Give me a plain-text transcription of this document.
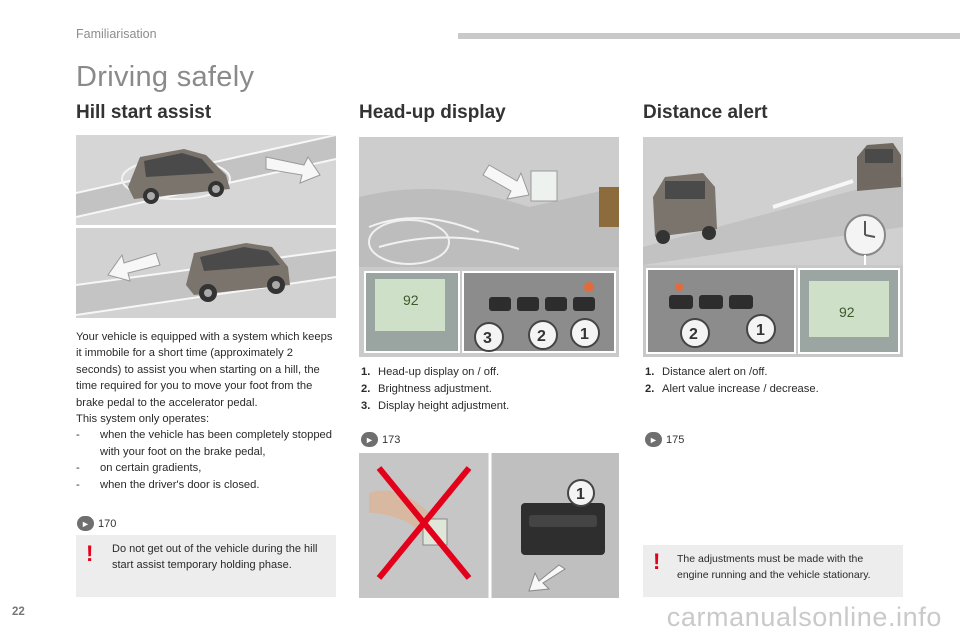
Familiarisation
Driving safely
Hill start assist

Your vehicle is equipped with a system which keeps it immobile for a short time (approximately 2 seconds) to assist you when starting on a hill, the time required for you to move your foot from the brake pedal to the accelerator pedal.

This system only operates:

-	when the vehicle has been completely stopped with your foot on the brake pedal,
-	on certain gradients,
-	when the driver's door is closed.
► 170
! Do not get out of the vehicle during the hill start assist temporary holding phase.
Head-up display
92
3	2 1
1. Head-up display on / off.
2. Brightness adjustment.
3. Display height adjustment.
► 173
1
Distance alert
92
2	1
1. Distance alert on /off.
2. Alert value increase / decrease.
► 175
! The adjustments must be made with the engine running and the vehicle stationary.
22	carmanualsonline.info
